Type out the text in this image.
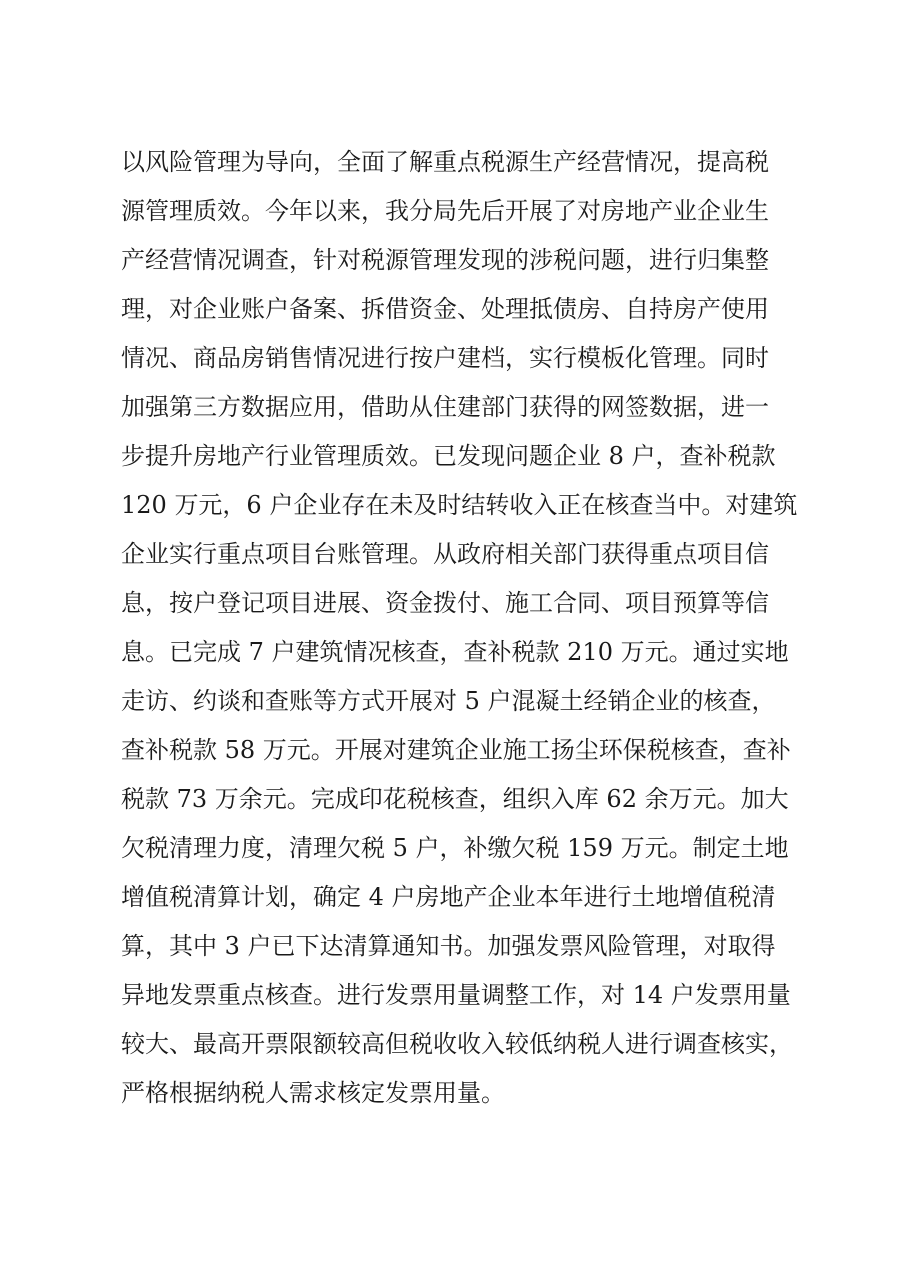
以风险管理为导向，全面了解重点税源生产经营情况，提高税
源管理质效。今年以来，我分局先后开展了对房地产业企业生
产经营情况调查，针对税源管理发现的涉税问题，进行归集整
理，对企业账户备案、拆借资金、处理抵债房、自持房产使用
情况、商品房销售情况进行按户建档，实行模板化管理。同时
加强第三方数据应用，借助从住建部门获得的网签数据，进一
步提升房地产行业管理质效。已发现问题企业 8 户，查补税款
120 万元，6 户企业存在未及时结转收入正在核查当中。对建筑
企业实行重点项目台账管理。从政府相关部门获得重点项目信
息，按户登记项目进展、资金拨付、施工合同、项目预算等信
息。已完成 7 户建筑情况核查，查补税款 210 万元。通过实地
走访、约谈和查账等方式开展对 5 户混凝土经销企业的核查，
查补税款 58 万元。开展对建筑企业施工扬尘环保税核查，查补
税款 73 万余元。完成印花税核查，组织入库 62 余万元。加大
欠税清理力度，清理欠税 5 户，补缴欠税 159 万元。制定土地
增值税清算计划，确定 4 户房地产企业本年进行土地增值税清
算，其中 3 户已下达清算通知书。加强发票风险管理，对取得
异地发票重点核查。进行发票用量调整工作，对 14 户发票用量
较大、最高开票限额较高但税收收入较低纳税人进行调查核实，
严格根据纳税人需求核定发票用量。
